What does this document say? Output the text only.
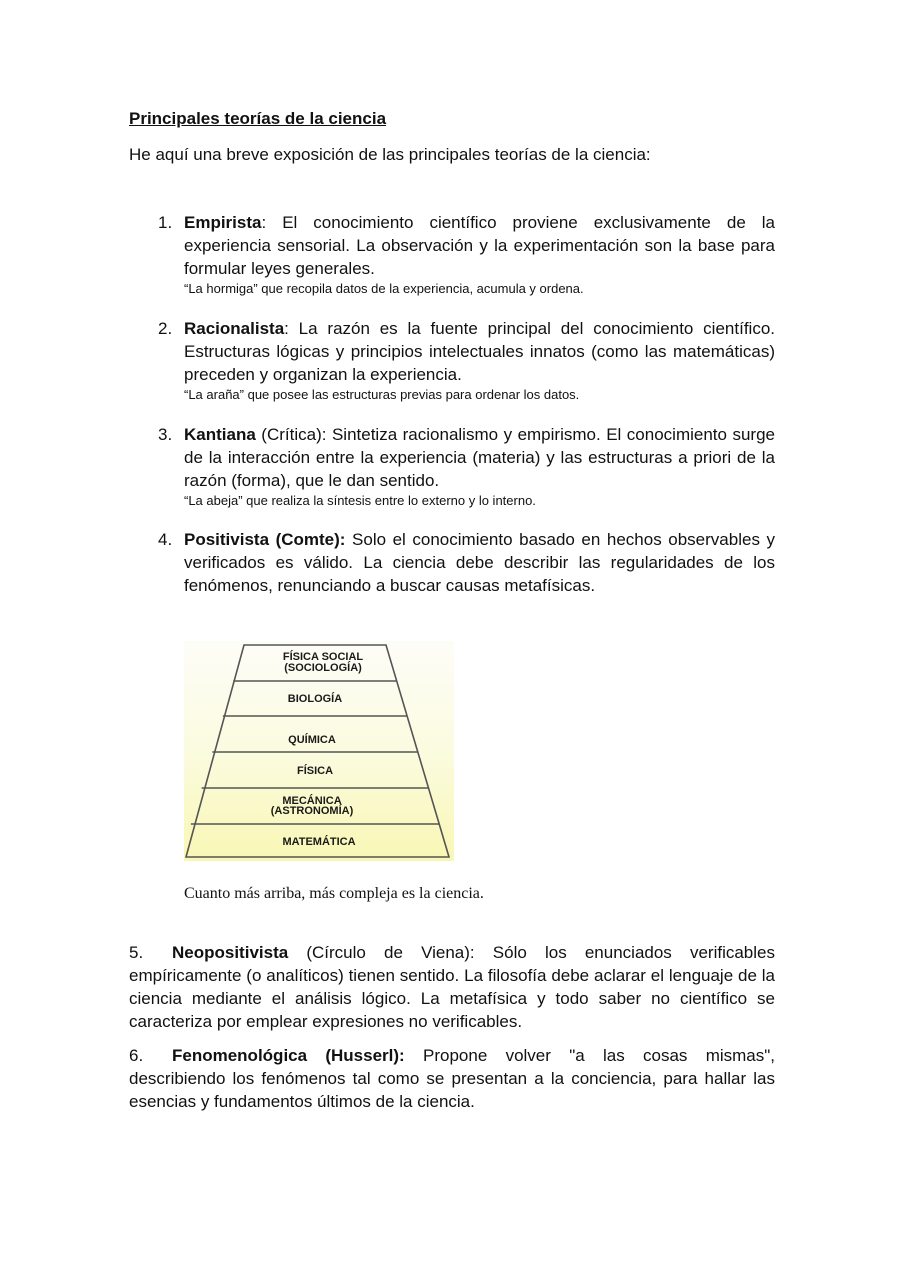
Principales teorías de la ciencia

He aquí una breve exposición de las principales teorías de la ciencia:

1. Empirista: El conocimiento científico proviene exclusivamente de la experiencia sensorial. La observación y la experimentación son la base para formular leyes generales.
“La hormiga” que recopila datos de la experiencia, acumula y ordena.
2. Racionalista: La razón es la fuente principal del conocimiento científico. Estructuras lógicas y principios intelectuales innatos (como las matemáticas) preceden y organizan la experiencia.
“La araña” que posee las estructuras previas para ordenar los datos.
3. Kantiana (Crítica): Sintetiza racionalismo y empirismo. El conocimiento surge de la interacción entre la experiencia (materia) y las estructuras a priori de la razón (forma), que le dan sentido.
“La abeja” que realiza la síntesis entre lo externo y lo interno.
4. Positivista (Comte): Solo el conocimiento basado en hechos observables y verificados es válido. La ciencia debe describir las regularidades de los fenómenos, renunciando a buscar causas metafísicas.
FÍSICA SOCIAL
(SOCIOLOGÍA)
BIOLOGÍA
QUÍMICA
FÍSICA
MECÁNICA
(ASTRONOMÍA)
MATEMÁTICA
Cuanto más arriba, más compleja es la ciencia.
5. Neopositivista (Círculo de Viena): Sólo los enunciados verificables empíricamente (o analíticos) tienen sentido. La filosofía debe aclarar el lenguaje de la ciencia mediante el análisis lógico. La metafísica y todo saber no científico se caracteriza por emplear expresiones no verificables.
6. Fenomenológica (Husserl): Propone volver "a las cosas mismas", describiendo los fenómenos tal como se presentan a la conciencia, para hallar las esencias y fundamentos últimos de la ciencia.
